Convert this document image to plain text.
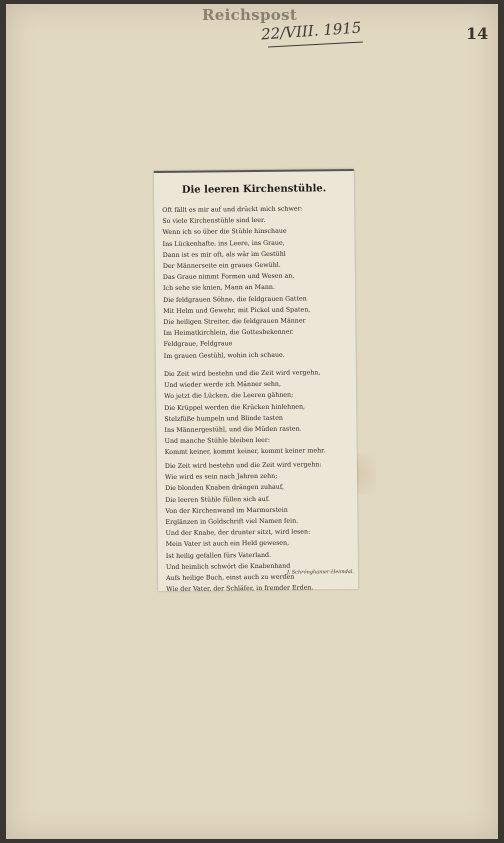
Reichspost
22/VIII. 1915	14
Die leeren Kirchenstühle.
Oft fällt es mir auf und drückt mich schwer:
So viele Kirchenstühle sind leer.
Wenn ich so über die Stühle hinschaue
Ins Lückenhafte, ins Leere, ins Graue,
Dann ist es mir oft, als wär im Gestühl
Der Männerseite ein graues Gewühl.
Das Graue nimmt Formen und Wesen an,
Ich sehe sie knien, Mann an Mann.
Die feldgrauen Söhne, die feldgrauen Gatten
Mit Helm und Gewehr, mit Pickel und Spaten,
Die heiligen Streiter, die feldgrauen Männer
Im Heimatkirchlein, die Gottesbekenner.
Feldgraue, Feldgraue
Im grauen Gestühl, wohin ich schaue.
Die Zeit wird bestehn und die Zeit wird vergehn,
Und wieder werde ich Männer sehn,
Wo jetzt die Lücken, die Leeren gähnen;
Die Krüppel werden die Krücken hinlehnen,
Stelzfüße humpeln und Blinde tasten
Ins Männergestühl, und die Müden rasten.
Und manche Stühle bleiben leer:
Kommt keiner, kommt keiner, kommt keiner mehr.
Die Zeit wird bestehn und die Zeit wird vergehn:
Wie wird es sein nach Jahren zehn;
Die blonden Knaben drängen zuhauf,
Die leeren Stühle füllen sich auf.
Von der Kirchenwand im Marmorstein
Erglänzen in Goldschrift viel Namen fein.
Und der Knabe, der drunter sitzt, wird lesen:
Mein Vater ist auch ein Held gewesen,
Ist heilig gefallen fürs Vaterland.
Und heimlich schwört die Knabenhand
Aufs heilige Buch, einst auch zu werden
Wie der Vater, der Schläfer, in fremder Erden.
J. Schrönghamer-Heimdal.
